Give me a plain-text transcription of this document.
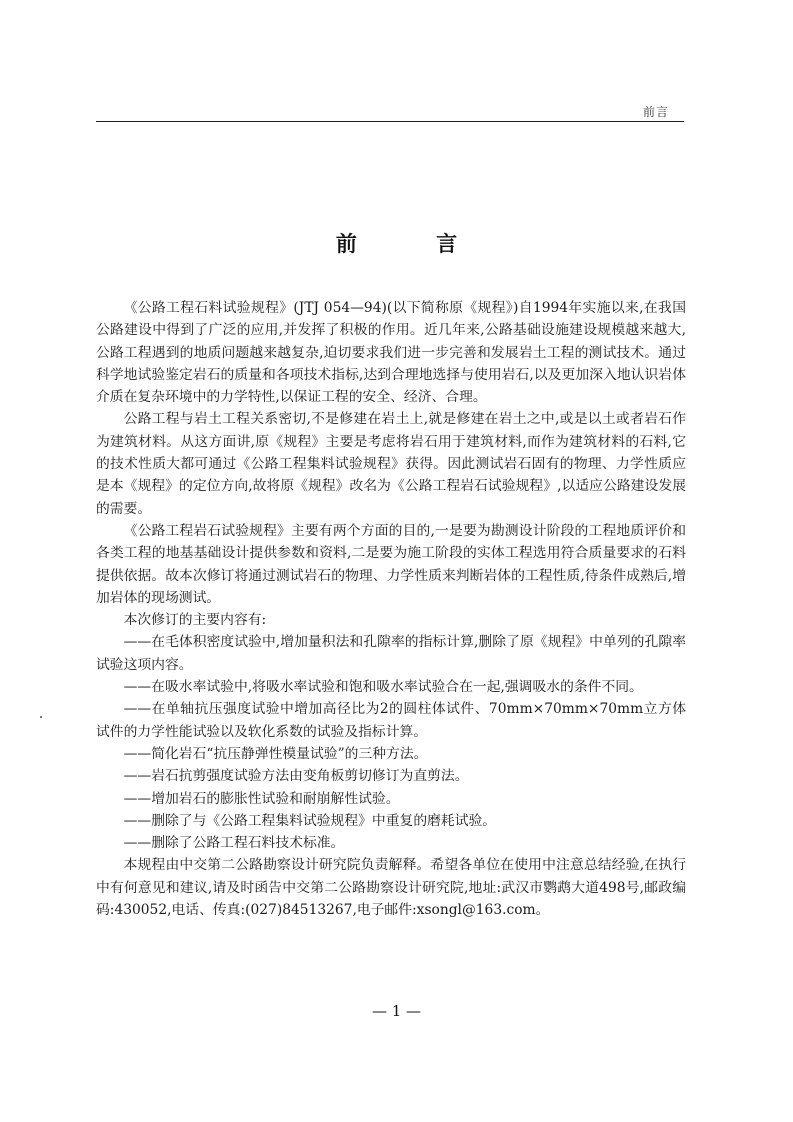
前言
前 言

《公路工程石料试验规程》(JTJ 054—94)(以下简称原《规程》)自1994年实施以来,在我国公路建设中得到了广泛的应用,并发挥了积极的作用。近几年来,公路基础设施建设规模越来越大,公路工程遇到的地质问题越来越复杂,迫切要求我们进一步完善和发展岩土工程的测试技术。通过科学地试验鉴定岩石的质量和各项技术指标,达到合理地选择与使用岩石,以及更加深入地认识岩体介质在复杂环境中的力学特性,以保证工程的安全、经济、合理。

公路工程与岩土工程关系密切,不是修建在岩土上,就是修建在岩土之中,或是以土或者岩石作为建筑材料。从这方面讲,原《规程》主要是考虑将岩石用于建筑材料,而作为建筑材料的石料,它的技术性质大都可通过《公路工程集料试验规程》获得。因此测试岩石固有的物理、力学性质应是本《规程》的定位方向,故将原《规程》改名为《公路工程岩石试验规程》,以适应公路建设发展的需要。

《公路工程岩石试验规程》主要有两个方面的目的,一是要为勘测设计阶段的工程地质评价和各类工程的地基基础设计提供参数和资料,二是要为施工阶段的实体工程选用符合质量要求的石料提供依据。故本次修订将通过测试岩石的物理、力学性质来判断岩体的工程性质,待条件成熟后,增加岩体的现场测试。

本次修订的主要内容有:

——在毛体积密度试验中,增加量积法和孔隙率的指标计算,删除了原《规程》中单列的孔隙率试验这项内容。

——在吸水率试验中,将吸水率试验和饱和吸水率试验合在一起,强调吸水的条件不同。

——在单轴抗压强度试验中增加高径比为2的圆柱体试件、70mm×70mm×70mm立方体试件的力学性能试验以及软化系数的试验及指标计算。

——简化岩石“抗压静弹性模量试验”的三种方法。

——岩石抗剪强度试验方法由变角板剪切修订为直剪法。

——增加岩石的膨胀性试验和耐崩解性试验。

——删除了与《公路工程集料试验规程》中重复的磨耗试验。

——删除了公路工程石料技术标准。

本规程由中交第二公路勘察设计研究院负责解释。希望各单位在使用中注意总结经验,在执行中有何意见和建议,请及时函告中交第二公路勘察设计研究院,地址:武汉市鹦鹉大道498号,邮政编码:430052,电话、传真:(027)84513267,电子邮件:xsongl@163.com。

— 1 —
